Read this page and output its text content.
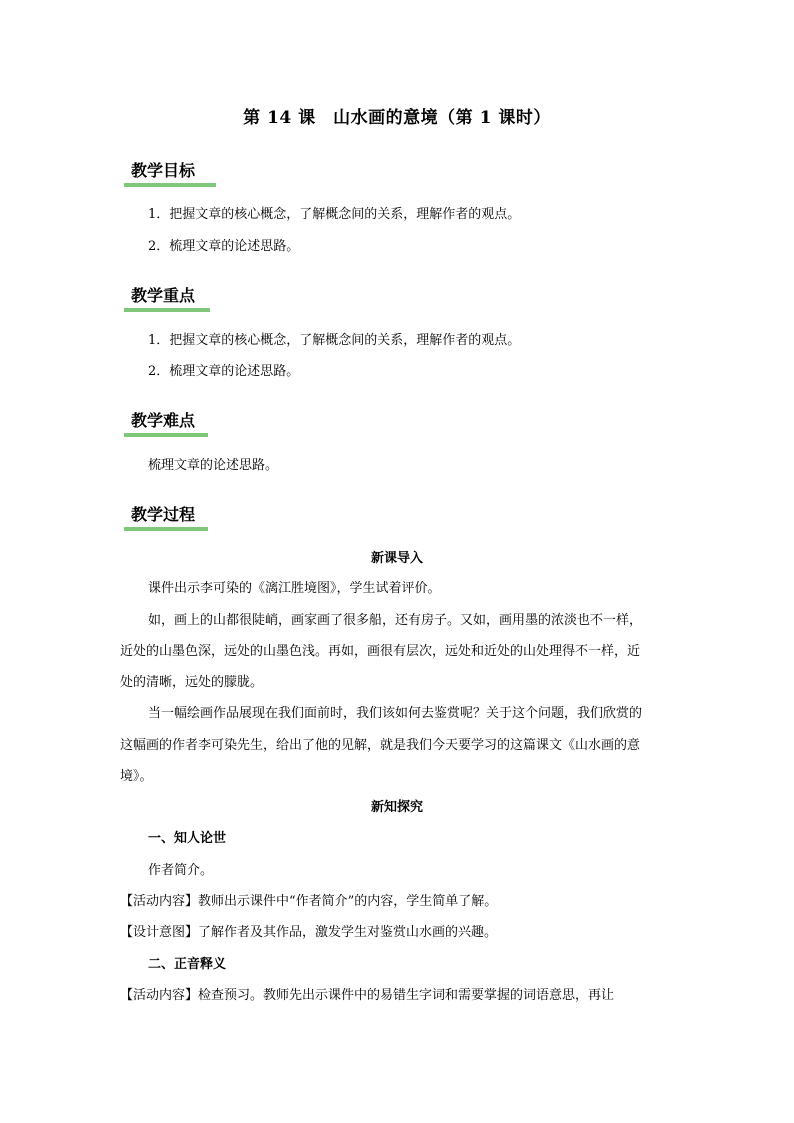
第 14 课　山水画的意境（第 1 课时）
教学目标
1．把握文章的核心概念，了解概念间的关系，理解作者的观点。
2．梳理文章的论述思路。
教学重点
1．把握文章的核心概念，了解概念间的关系，理解作者的观点。
2．梳理文章的论述思路。
教学难点
梳理文章的论述思路。
教学过程
新课导入
课件出示李可染的《漓江胜境图》，学生试着评价。
如，画上的山都很陡峭，画家画了很多船，还有房子。又如，画用墨的浓淡也不一样，
近处的山墨色深，远处的山墨色浅。再如，画很有层次，远处和近处的山处理得不一样，近
处的清晰，远处的朦胧。
当一幅绘画作品展现在我们面前时，我们该如何去鉴赏呢？关于这个问题，我们欣赏的
这幅画的作者李可染先生，给出了他的见解，就是我们今天要学习的这篇课文《山水画的意
境》。
新知探究
一、知人论世
作者简介。
【活动内容】教师出示课件中“作者简介”的内容，学生简单了解。
【设计意图】了解作者及其作品，激发学生对鉴赏山水画的兴趣。
二、正音释义
【活动内容】检查预习。教师先出示课件中的易错生字词和需要掌握的词语意思，再让
